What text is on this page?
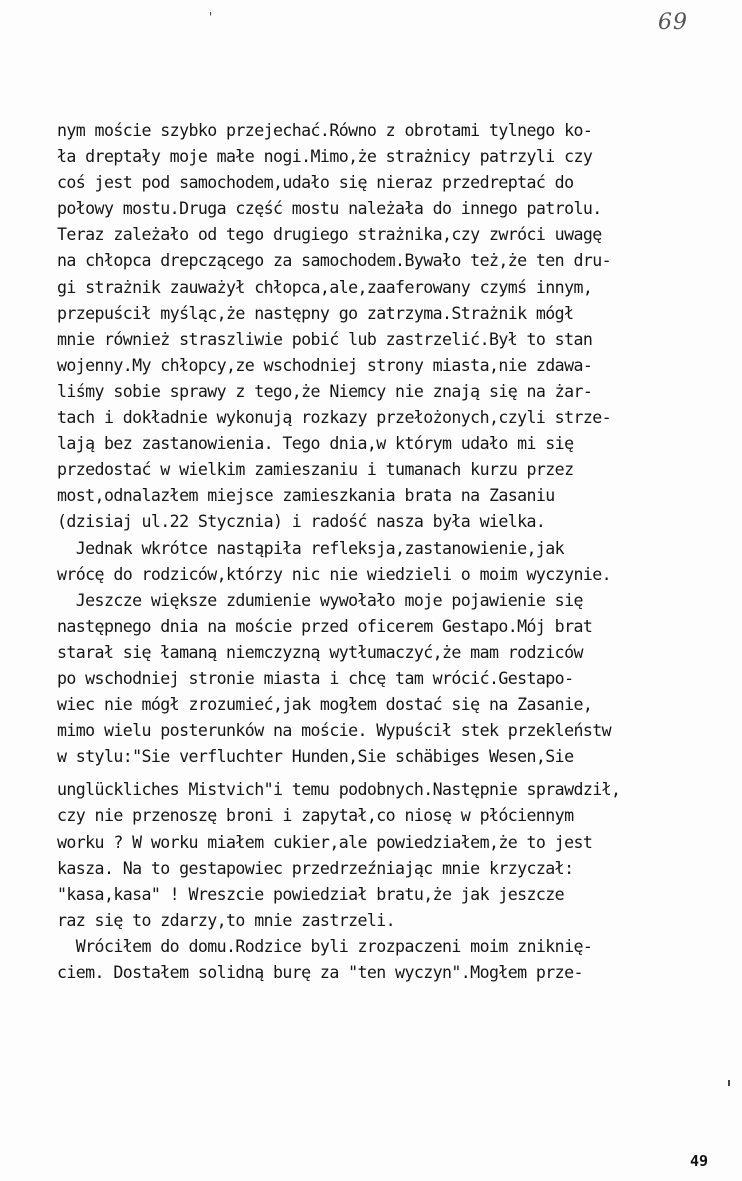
'	69
nym moście szybko przejechać.Równo z obrotami tylnego ko-
ła dreptały moje małe nogi.Mimo,że strażnicy patrzyli czy
coś jest pod samochodem,udało się nieraz przedreptać do
połowy mostu.Druga część mostu należała do innego patrolu.
Teraz zależało od tego drugiego strażnika,czy zwróci uwagę
na chłopca drepczącego za samochodem.Bywało też,że ten dru-
gi strażnik zauważył chłopca,ale,zaaferowany czymś innym,
przepuścił myśląc,że następny go zatrzyma.Strażnik mógł
mnie również straszliwie pobić lub zastrzelić.Był to stan
wojenny.My chłopcy,ze wschodniej strony miasta,nie zdawa-
liśmy sobie sprawy z tego,że Niemcy nie znają się na żar-
tach i dokładnie wykonują rozkazy przełożonych,czyli strze-
lają bez zastanowienia. Tego dnia,w którym udało mi się
przedostać w wielkim zamieszaniu i tumanach kurzu przez
most,odnalazłem miejsce zamieszkania brata na Zasaniu
(dzisiaj ul.22 Stycznia) i radość nasza była wielka.
Jednak wkrótce nastąpiła refleksja,zastanowienie,jak
wrócę do rodziców,którzy nic nie wiedzieli o moim wyczynie.
Jeszcze większe zdumienie wywołało moje pojawienie się
następnego dnia na moście przed oficerem Gestapo.Mój brat
starał się łamaną niemczyzną wytłumaczyć,że mam rodziców
po wschodniej stronie miasta i chcę tam wrócić.Gestapo-
wiec nie mógł zrozumieć,jak mogłem dostać się na Zasanie,
mimo wielu posterunków na moście. Wypuścił stek przekleństw
w stylu:"Sie verfluchter Hunden,Sie schäbiges Wesen,Sie
unglückliches Mistvich"i temu podobnych.Następnie sprawdził,
czy nie przenoszę broni i zapytał,co niosę w płóciennym
worku ? W worku miałem cukier,ale powiedziałem,że to jest
kasza. Na to gestapowiec przedrzeźniając mnie krzyczał:
"kasa,kasa" ! Wreszcie powiedział bratu,że jak jeszcze
raz się to zdarzy,to mnie zastrzeli.
Wróciłem do domu.Rodzice byli zrozpaczeni moim zniknię-
ciem. Dostałem solidną burę za "ten wyczyn".Mogłem prze-
49
